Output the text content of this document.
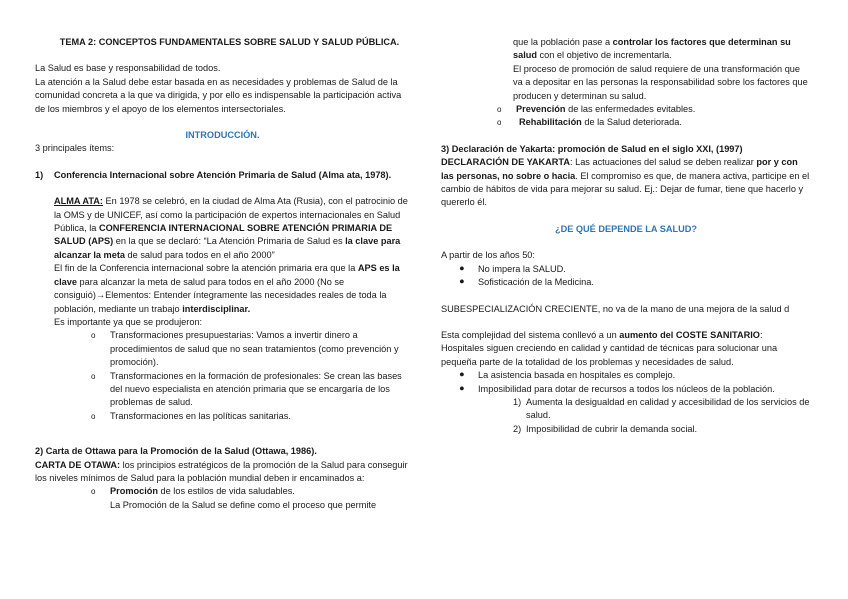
TEMA 2: CONCEPTOS FUNDAMENTALES SOBRE SALUD Y SALUD PÚBLICA.

La Salud es base y responsabilidad de todos.

La atención a la Salud debe estar basada en as necesidades y problemas de Salud de la comunidad concreta a la que va dirigida, y por ello es indispensable la participación activa de los miembros y el apoyo de los elementos intersectoriales.

INTRODUCCIÓN.

3 principales ítems:

1) Conferencia Internacional sobre Atención Primaria de Salud (Alma ata, 1978).

ALMA ATA: En 1978 se celebró, en la ciudad de Alma Ata (Rusia), con el patrocinio de la OMS y de UNICEF, así como la participación de expertos internacionales en Salud Pública, la CONFERENCIA INTERNACIONAL SOBRE ATENCIÓN PRIMARIA DE SALUD (APS) en la que se declaró: “La Atención Primaria de Salud es la clave para alcanzar la meta de salud para todos en el año 2000”

El fin de la Conferencia internacional sobre la atención primaria era que la APS es la clave para alcanzar la meta de salud para todos en el año 2000 (No se consiguió)→Elementos: Entender íntegramente las necesidades reales de toda la población, mediante un trabajo interdisciplinar.

Es importante ya que se produjeron:

o Transformaciones presupuestarias: Vamos a invertir dinero a procedimientos de salud que no sean tratamientos (como prevención y promoción).
o Transformaciones en la formación de profesionales: Se crean las bases del nuevo especialista en atención primaria que se encargaría de los problemas de salud.
o Transformaciones en las políticas sanitarias.

2) Carta de Ottawa para la Promoción de la Salud (Ottawa, 1986).

CARTA DE OTAWA: los principios estratégicos de la promoción de la Salud para conseguir los niveles mínimos de Salud para la población mundial deben ir encaminados a:

o Promoción de los estilos de vida saludables.

La Promoción de la Salud se define como el proceso que permite

que la población pase a controlar los factores que determinan su salud con el objetivo de incrementarla.

El proceso de promoción de salud requiere de una transformación que va a depositar en las personas la responsabilidad sobre los factores que producen y determinan su salud.

o Prevención de las enfermedades evitables.
o Rehabilitación de la Salud deteriorada.

3) Declaración de Yakarta: promoción de Salud en el siglo XXI, (1997)

DECLARACIÓN DE YAKARTA: Las actuaciones del salud se deben realizar por y con las personas, no sobre o hacia. El compromiso es que, de manera activa, participe en el cambio de hábitos de vida para mejorar su salud. Ej.: Dejar de fumar, tiene que hacerlo y quererlo él.

¿DE QUÉ DEPENDE LA SALUD?

A partir de los años 50:

● No impera la SALUD.
● Sofisticación de la Medicina.

SUBESPECIALIZACIÓN CRECIENTE, no va de la mano de una mejora de la salud d

Esta complejidad del sistema conllevó a un aumento del COSTE SANITARIO:

Hospitales siguen creciendo en calidad y cantidad de técnicas para solucionar una pequeña parte de la totalidad de los problemas y necesidades de salud.

● La asistencia basada en hospitales es complejo.
● Imposibilidad para dotar de recursos a todos los núcleos de la población.
1) Aumenta la desigualdad en calidad y accesibilidad de los servicios de salud.
2) Imposibilidad de cubrir la demanda social.
